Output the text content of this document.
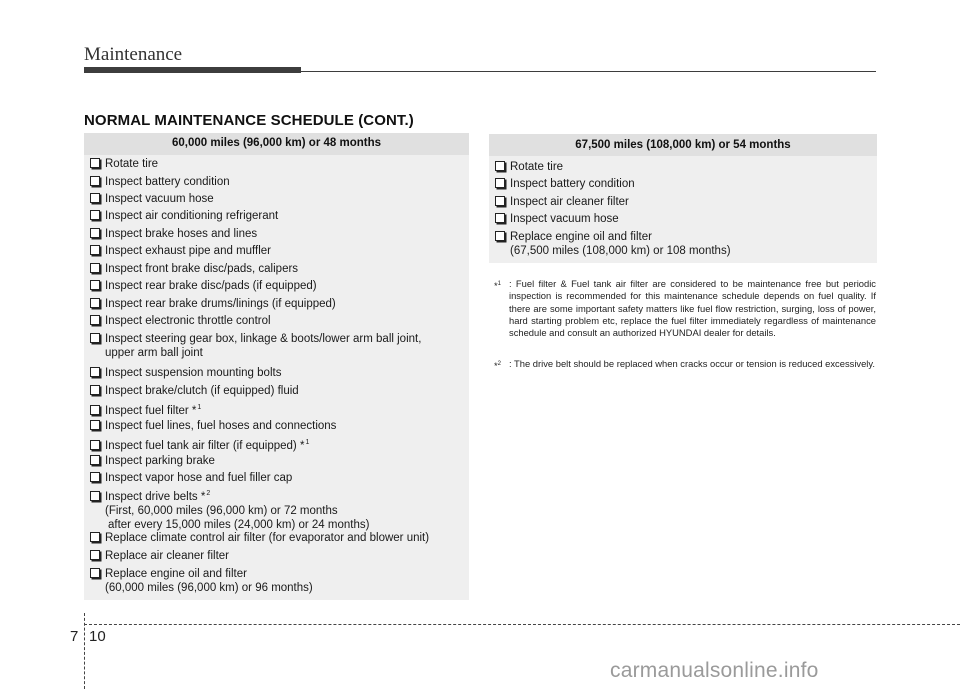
Maintenance
NORMAL MAINTENANCE SCHEDULE (CONT.)
60,000 miles (96,000 km) or 48 months
Rotate tire
Inspect battery condition
Inspect vacuum hose
Inspect air conditioning refrigerant
Inspect brake hoses and lines
Inspect exhaust pipe and muffler
Inspect front brake disc/pads, calipers
Inspect rear brake disc/pads (if equipped)
Inspect rear brake drums/linings (if equipped)
Inspect electronic throttle control
Inspect steering gear box, linkage & boots/lower arm ball joint,
upper arm ball joint
Inspect suspension mounting bolts
Inspect brake/clutch (if equipped) fluid
Inspect fuel filter *$^1$
Inspect fuel lines, fuel hoses and connections
Inspect fuel tank air filter (if equipped) *$^1$
Inspect parking brake
Inspect vapor hose and fuel filler cap
Inspect drive belts *$^2$
(First, 60,000 miles (96,000 km) or 72 months
after every 15,000 miles (24,000 km) or 24 months)
Replace climate control air filter (for evaporator and blower unit)
Replace air cleaner filter
Replace engine oil and filter
(60,000 miles (96,000 km) or 96 months)
67,500 miles (108,000 km) or 54 months
Rotate tire
Inspect battery condition
Inspect air cleaner filter
Inspect vacuum hose
Replace engine oil and filter
(67,500 miles (108,000 km) or 108 months)
*$^1$ : Fuel filter & Fuel tank air filter are considered to be maintenance free but periodic inspection is recommended for this maintenance schedule depends on fuel quality. If there are some important safety matters like fuel flow restriction, surging, loss of power, hard starting problem etc, replace the fuel filter immediately regardless of maintenance schedule and consult an authorized HYUNDAI dealer for details.
*$^2$ : The drive belt should be replaced when cracks occur or tension is reduced excessively.
7 10
carmanualsonline.info
